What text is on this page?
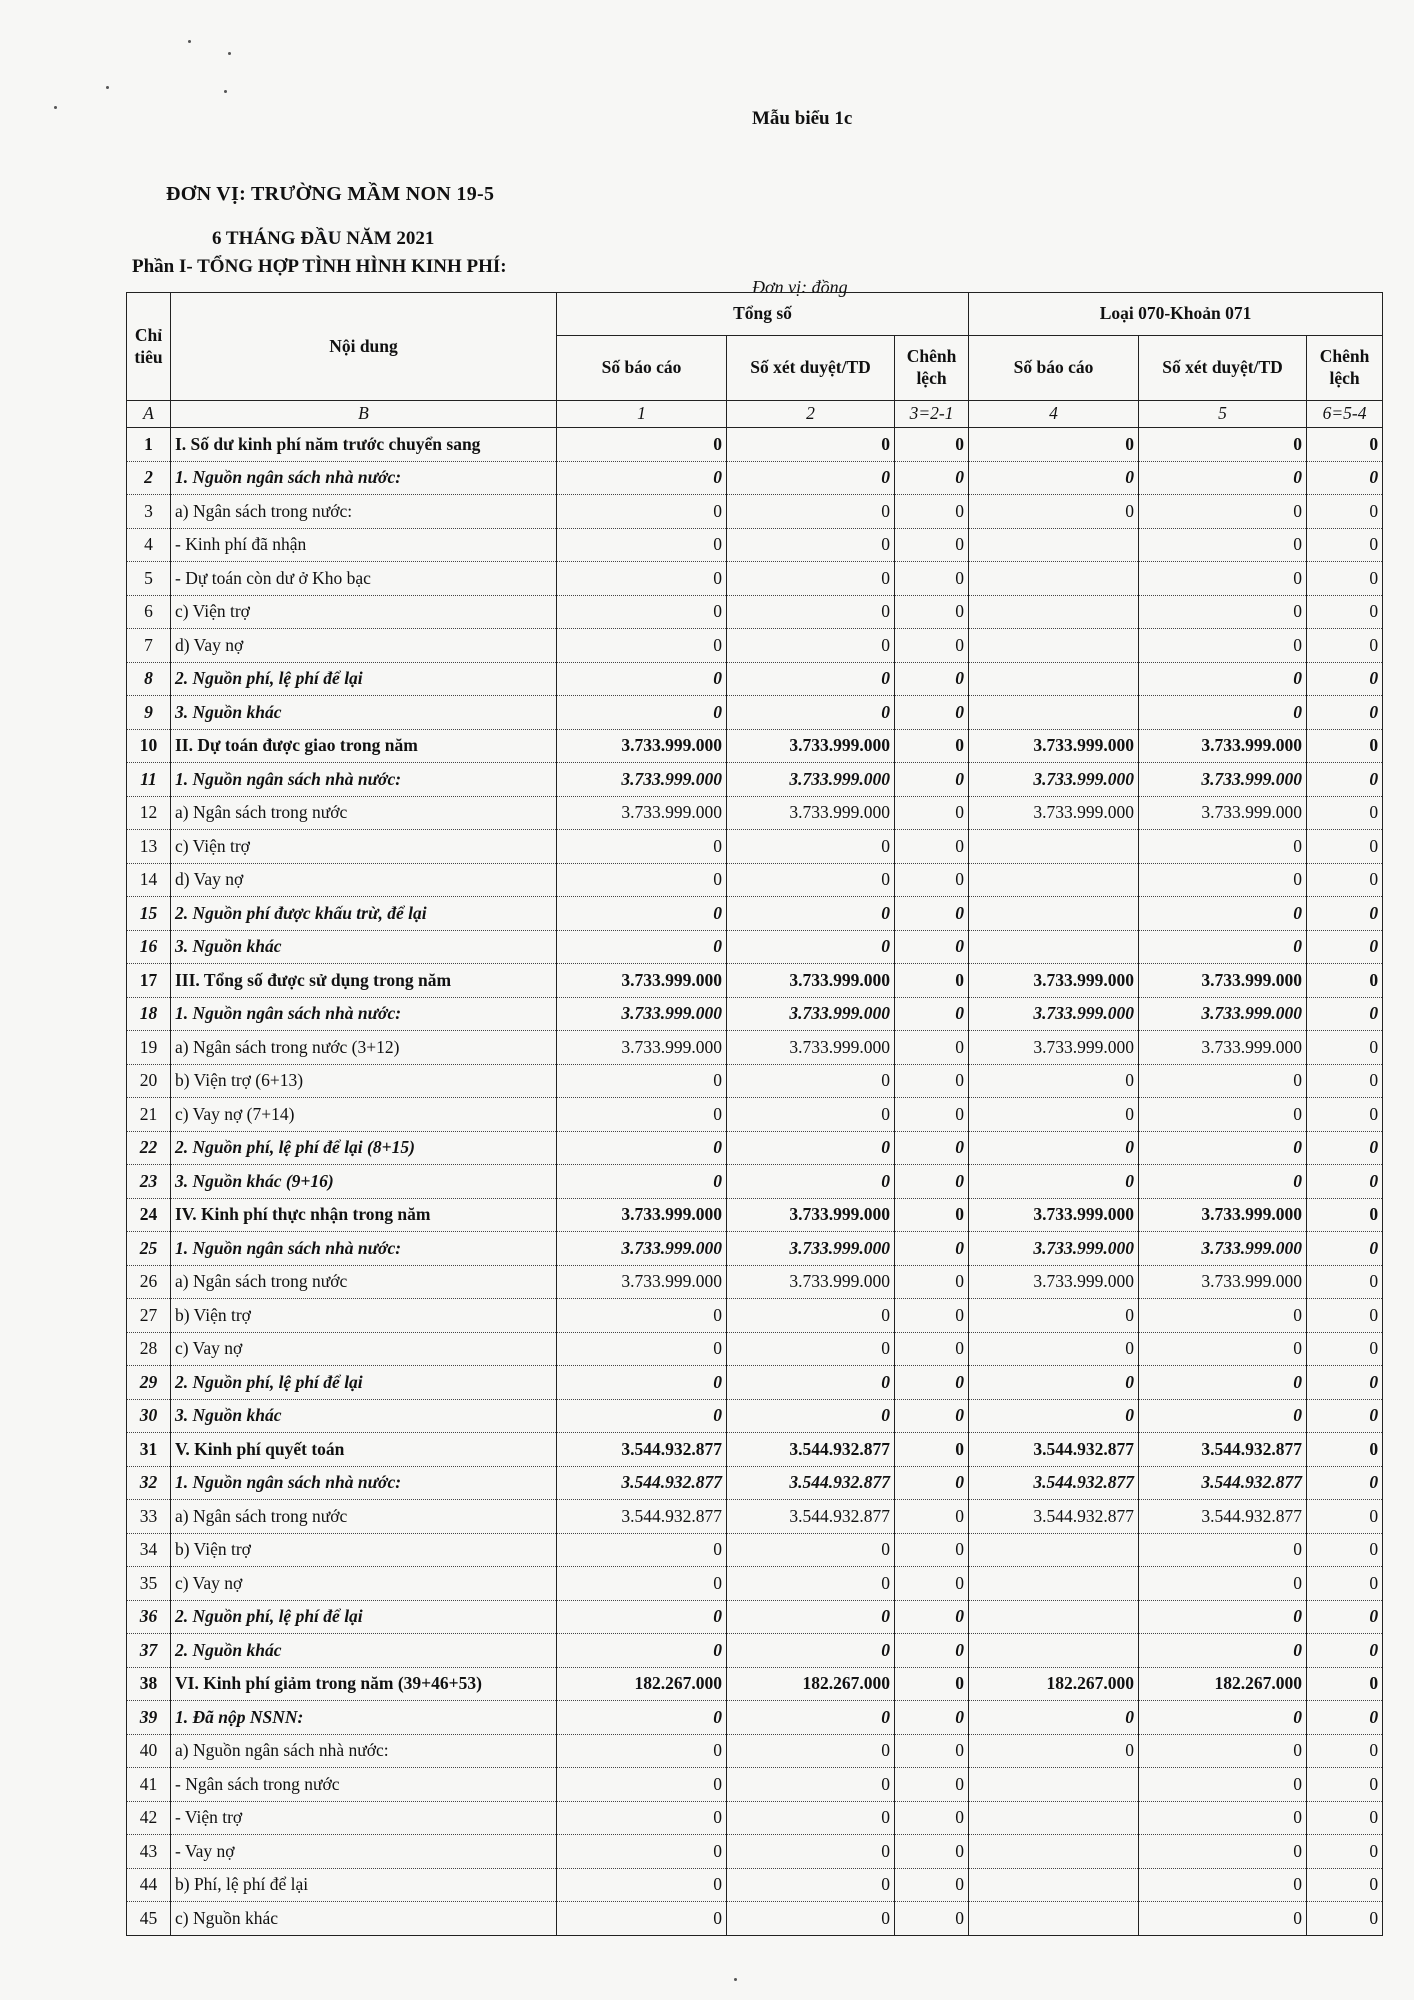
Mẫu biểu 1c
ĐƠN VỊ: TRƯỜNG MẦM NON 19-5
6 THÁNG ĐẦU NĂM 2021
Phần I- TỔNG HỢP TÌNH HÌNH KINH PHÍ:
Đơn vị: đồng
Chỉ tiêu	Nội dung	Tổng số			Loại 070-Khoản 071		
		Số báo cáo	Số xét duyệt/TD	Chênh lệch	Số báo cáo	Số xét duyệt/TD	Chênh lệch
A	B	1	2	3=2-1	4	5	6=5-4
1	I. Số dư kinh phí năm trước chuyển sang	0	0	0	0	0	0
2	1. Nguồn ngân sách nhà nước:	0	0	0	0	0	0
3	a) Ngân sách trong nước:	0	0	0	0	0	0
4	- Kinh phí đã nhận	0	0	0		0	0
5	- Dự toán còn dư ở Kho bạc	0	0	0		0	0
6	c) Viện trợ	0	0	0		0	0
7	d) Vay nợ	0	0	0		0	0
8	2. Nguồn phí, lệ phí để lại	0	0	0		0	0
9	3. Nguồn khác	0	0	0		0	0
10	II. Dự toán được giao trong năm	3.733.999.000	3.733.999.000	0	3.733.999.000	3.733.999.000	0
11	1. Nguồn ngân sách nhà nước:	3.733.999.000	3.733.999.000	0	3.733.999.000	3.733.999.000	0
12	a) Ngân sách trong nước	3.733.999.000	3.733.999.000	0	3.733.999.000	3.733.999.000	0
13	c) Viện trợ	0	0	0		0	0
14	d) Vay nợ	0	0	0		0	0
15	2. Nguồn phí được khấu trừ, để lại	0	0	0		0	0
16	3. Nguồn khác	0	0	0		0	0
17	III. Tổng số được sử dụng trong năm	3.733.999.000	3.733.999.000	0	3.733.999.000	3.733.999.000	0
18	1. Nguồn ngân sách nhà nước:	3.733.999.000	3.733.999.000	0	3.733.999.000	3.733.999.000	0
19	a) Ngân sách trong nước (3+12)	3.733.999.000	3.733.999.000	0	3.733.999.000	3.733.999.000	0
20	b) Viện trợ (6+13)	0	0	0	0	0	0
21	c) Vay nợ (7+14)	0	0	0	0	0	0
22	2. Nguồn phí, lệ phí để lại (8+15)	0	0	0	0	0	0
23	3. Nguồn khác (9+16)	0	0	0	0	0	0
24	IV. Kinh phí thực nhận trong năm	3.733.999.000	3.733.999.000	0	3.733.999.000	3.733.999.000	0
25	1. Nguồn ngân sách nhà nước:	3.733.999.000	3.733.999.000	0	3.733.999.000	3.733.999.000	0
26	a) Ngân sách trong nước	3.733.999.000	3.733.999.000	0	3.733.999.000	3.733.999.000	0
27	b) Viện trợ	0	0	0	0	0	0
28	c) Vay nợ	0	0	0	0	0	0
29	2. Nguồn phí, lệ phí để lại	0	0	0	0	0	0
30	3. Nguồn khác	0	0	0	0	0	0
31	V. Kinh phí quyết toán	3.544.932.877	3.544.932.877	0	3.544.932.877	3.544.932.877	0
32	1. Nguồn ngân sách nhà nước:	3.544.932.877	3.544.932.877	0	3.544.932.877	3.544.932.877	0
33	a) Ngân sách trong nước	3.544.932.877	3.544.932.877	0	3.544.932.877	3.544.932.877	0
34	b) Viện trợ	0	0	0		0	0
35	c) Vay nợ	0	0	0		0	0
36	2. Nguồn phí, lệ phí để lại	0	0	0		0	0
37	2. Nguồn khác	0	0	0		0	0
38	VI. Kinh phí giảm trong năm (39+46+53)	182.267.000	182.267.000	0	182.267.000	182.267.000	0
39	1. Đã nộp NSNN:	0	0	0	0	0	0
40	a) Nguồn ngân sách nhà nước:	0	0	0	0	0	0
41	- Ngân sách trong nước	0	0	0		0	0
42	- Viện trợ	0	0	0		0	0
43	- Vay nợ	0	0	0		0	0
44	b) Phí, lệ phí để lại	0	0	0		0	0
45	c) Nguồn khác	0	0	0		0	0
